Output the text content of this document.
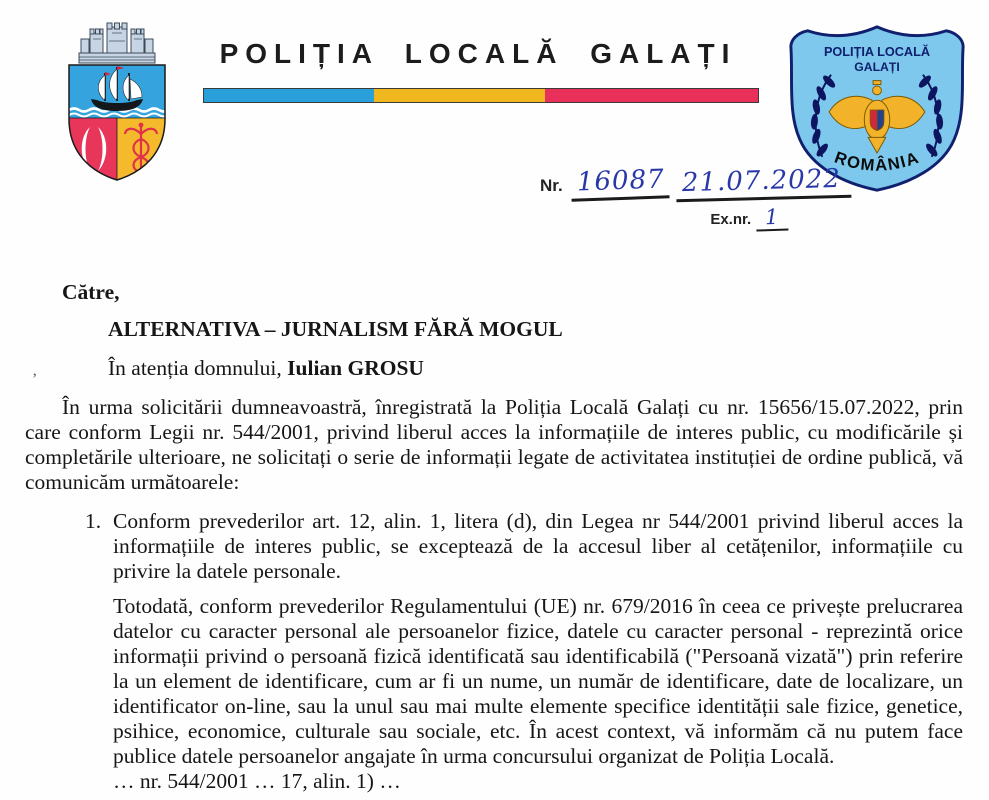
POLIȚIA LOCALĂ GALAȚI	POLIȚIA LOCALĂ
GALAȚI
ROMÂNIA
Nr. 16087 21.07.2022
Ex.nr. 1
‚
Către,
ALTERNATIVA – JURNALISM FĂRĂ MOGUL
În atenția domnului, Iulian GROSU

În urma solicitării dumneavoastră, înregistrată la Poliția Locală Galați cu nr. 15656/15.07.2022, prin care conform Legii nr. 544/2001, privind liberul acces la informațiile de interes public, cu modificările și completările ulterioare, ne solicitați o serie de informații legate de activitatea instituției de ordine publică, vă comunicăm următoarele:

1. Conform prevederilor art. 12, alin. 1, litera (d), din Legea nr 544/2001 privind liberul acces la informațiile de interes public, se exceptează de la accesul liber al cetățenilor, informațiile cu privire la datele personale.

Totodată, conform prevederilor Regulamentului (UE) nr. 679/2016 în ceea ce privește prelucrarea datelor cu caracter personal ale persoanelor fizice, datele cu caracter personal - reprezintă orice informații privind o persoană fizică identificată sau identificabilă ("Persoană vizată") prin referire la un element de identificare, cum ar fi un nume, un număr de identificare, date de localizare, un identificator on-line, sau la unul sau mai multe elemente specifice identității sale fizice, genetice, psihice, economice, culturale sau sociale, etc. În acest context, vă informăm că nu putem face publice datele persoanelor angajate în urma concursului organizat de Poliția Locală.

… nr. 544/2001 … 17, alin. 1) …
